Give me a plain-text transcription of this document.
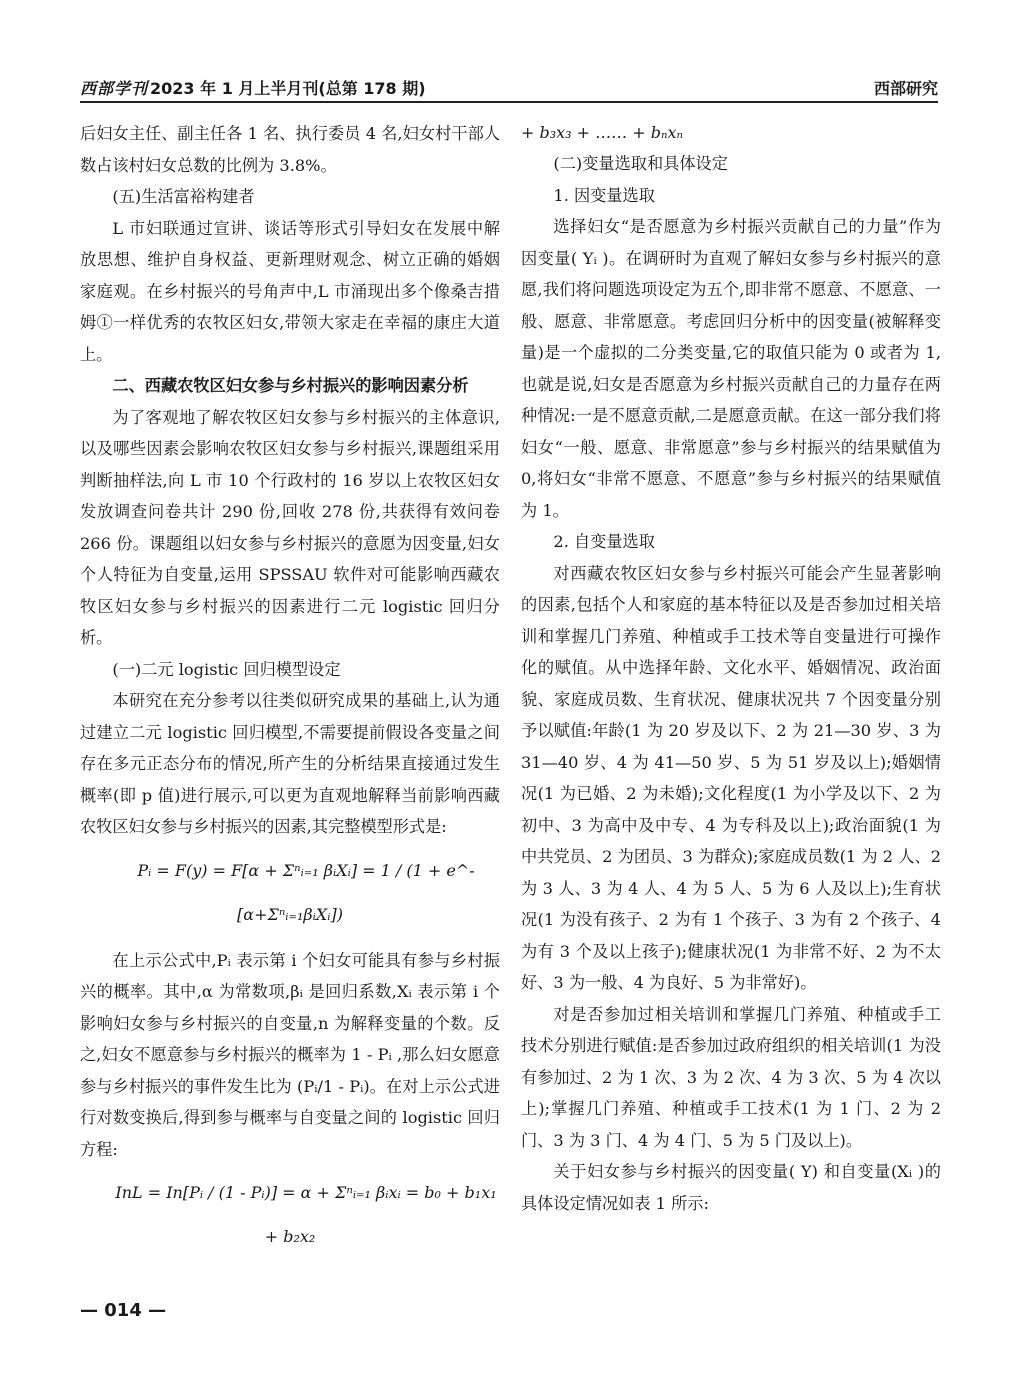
西部学刊 2023 年 1 月上半月刊(总第 178 期)	西部研究

后妇女主任、副主任各 1 名、执行委员 4 名,妇女村干部人数占该村妇女总数的比例为 3.8%。

(五)生活富裕构建者

L 市妇联通过宣讲、谈话等形式引导妇女在发展中解放思想、维护自身权益、更新理财观念、树立正确的婚姻家庭观。在乡村振兴的号角声中,L 市涌现出多个像桑吉措姆①一样优秀的农牧区妇女,带领大家走在幸福的康庄大道上。

二、西藏农牧区妇女参与乡村振兴的影响因素分析

为了客观地了解农牧区妇女参与乡村振兴的主体意识,以及哪些因素会影响农牧区妇女参与乡村振兴,课题组采用判断抽样法,向 L 市 10 个行政村的 16 岁以上农牧区妇女发放调查问卷共计 290 份,回收 278 份,共获得有效问卷 266 份。课题组以妇女参与乡村振兴的意愿为因变量,妇女个人特征为自变量,运用 SPSSAU 软件对可能影响西藏农牧区妇女参与乡村振兴的因素进行二元 logistic 回归分析。

(一)二元 logistic 回归模型设定

本研究在充分参考以往类似研究成果的基础上,认为通过建立二元 logistic 回归模型,不需要提前假设各变量之间存在多元正态分布的情况,所产生的分析结果直接通过发生概率(即 p 值)进行展示,可以更为直观地解释当前影响西藏农牧区妇女参与乡村振兴的因素,其完整模型形式是:

Pᵢ = F(y) = F[α + Σⁿᵢ₌₁ βᵢXᵢ] = 1 / (1 + e^-[α+Σⁿᵢ₌₁βᵢXᵢ])

在上示公式中,Pᵢ 表示第 i 个妇女可能具有参与乡村振兴的概率。其中,α 为常数项,βᵢ 是回归系数,Xᵢ 表示第 i 个影响妇女参与乡村振兴的自变量,n 为解释变量的个数。反之,妇女不愿意参与乡村振兴的概率为 1 - Pᵢ ,那么妇女愿意参与乡村振兴的事件发生比为 (Pᵢ/1 - Pᵢ)。在对上示公式进行对数变换后,得到参与概率与自变量之间的 logistic 回归方程:

InL = In[Pᵢ / (1 - Pᵢ)] = α + Σⁿᵢ₌₁ βᵢxᵢ = b₀ + b₁x₁ + b₂x₂

+ b₃x₃ + …… + bₙxₙ

(二)变量选取和具体设定

1. 因变量选取

选择妇女“是否愿意为乡村振兴贡献自己的力量”作为因变量( Yᵢ )。在调研时为直观了解妇女参与乡村振兴的意愿,我们将问题选项设定为五个,即非常不愿意、不愿意、一般、愿意、非常愿意。考虑回归分析中的因变量(被解释变量)是一个虚拟的二分类变量,它的取值只能为 0 或者为 1,也就是说,妇女是否愿意为乡村振兴贡献自己的力量存在两种情况:一是不愿意贡献,二是愿意贡献。在这一部分我们将妇女“一般、愿意、非常愿意”参与乡村振兴的结果赋值为 0,将妇女“非常不愿意、不愿意”参与乡村振兴的结果赋值为 1。

2. 自变量选取

对西藏农牧区妇女参与乡村振兴可能会产生显著影响的因素,包括个人和家庭的基本特征以及是否参加过相关培训和掌握几门养殖、种植或手工技术等自变量进行可操作化的赋值。从中选择年龄、文化水平、婚姻情况、政治面貌、家庭成员数、生育状况、健康状况共 7 个因变量分别予以赋值:年龄(1 为 20 岁及以下、2 为 21—30 岁、3 为 31—40 岁、4 为 41—50 岁、5 为 51 岁及以上);婚姻情况(1 为已婚、2 为未婚);文化程度(1 为小学及以下、2 为初中、3 为高中及中专、4 为专科及以上);政治面貌(1 为中共党员、2 为团员、3 为群众);家庭成员数(1 为 2 人、2 为 3 人、3 为 4 人、4 为 5 人、5 为 6 人及以上);生育状况(1 为没有孩子、2 为有 1 个孩子、3 为有 2 个孩子、4 为有 3 个及以上孩子);健康状况(1 为非常不好、2 为不太好、3 为一般、4 为良好、5 为非常好)。

对是否参加过相关培训和掌握几门养殖、种植或手工技术分别进行赋值:是否参加过政府组织的相关培训(1 为没有参加过、2 为 1 次、3 为 2 次、4 为 3 次、5 为 4 次以上);掌握几门养殖、种植或手工技术(1 为 1 门、2 为 2 门、3 为 3 门、4 为 4 门、5 为 5 门及以上)。

关于妇女参与乡村振兴的因变量( Y) 和自变量(Xᵢ )的具体设定情况如表 1 所示:

— 014 —
